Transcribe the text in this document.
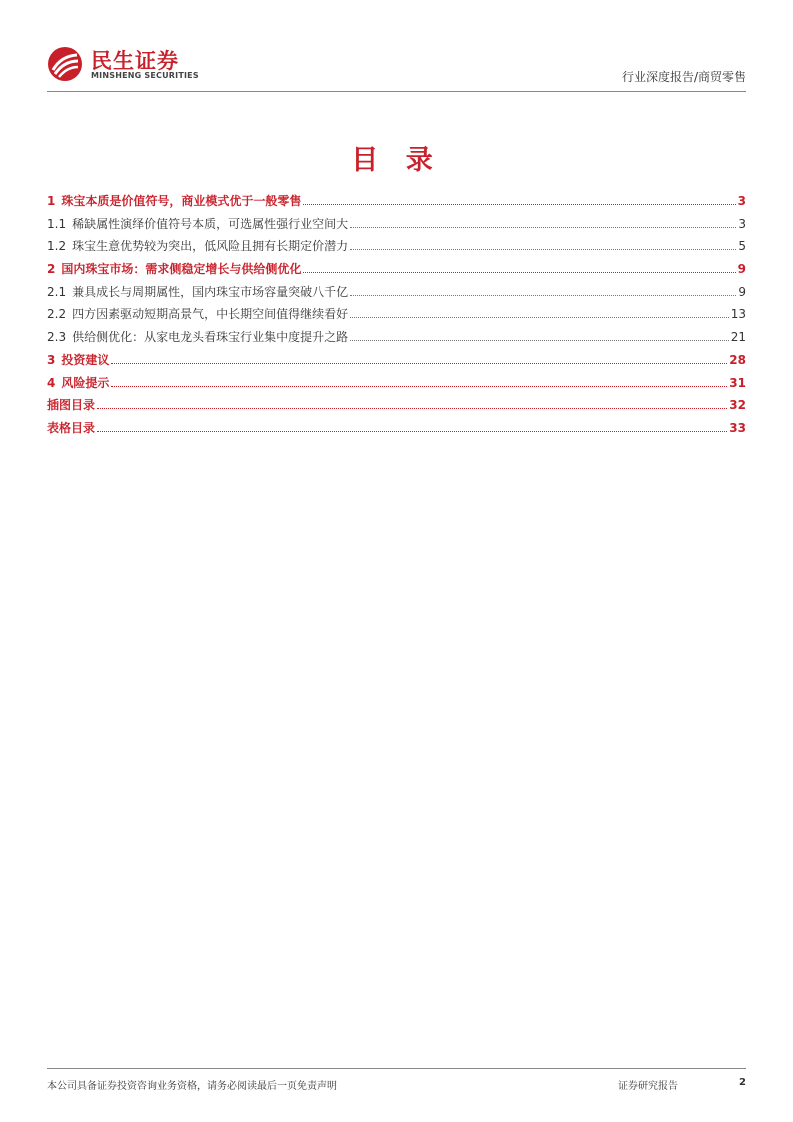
民生证券
MINSHENG SECURITIES	行业深度报告/商贸零售
目 录
1 珠宝本质是价值符号，商业模式优于一般零售	3
1.1 稀缺属性演绎价值符号本质，可选属性强行业空间大	3
1.2 珠宝生意优势较为突出，低风险且拥有长期定价潜力	5
2 国内珠宝市场：需求侧稳定增长与供给侧优化	9
2.1 兼具成长与周期属性，国内珠宝市场容量突破八千亿	9
2.2 四方因素驱动短期高景气，中长期空间值得继续看好	13
2.3 供给侧优化：从家电龙头看珠宝行业集中度提升之路	21
3 投资建议	28
4 风险提示	31
插图目录	32
表格目录	33
本公司具备证券投资咨询业务资格，请务必阅读最后一页免责声明	证券研究报告	2
